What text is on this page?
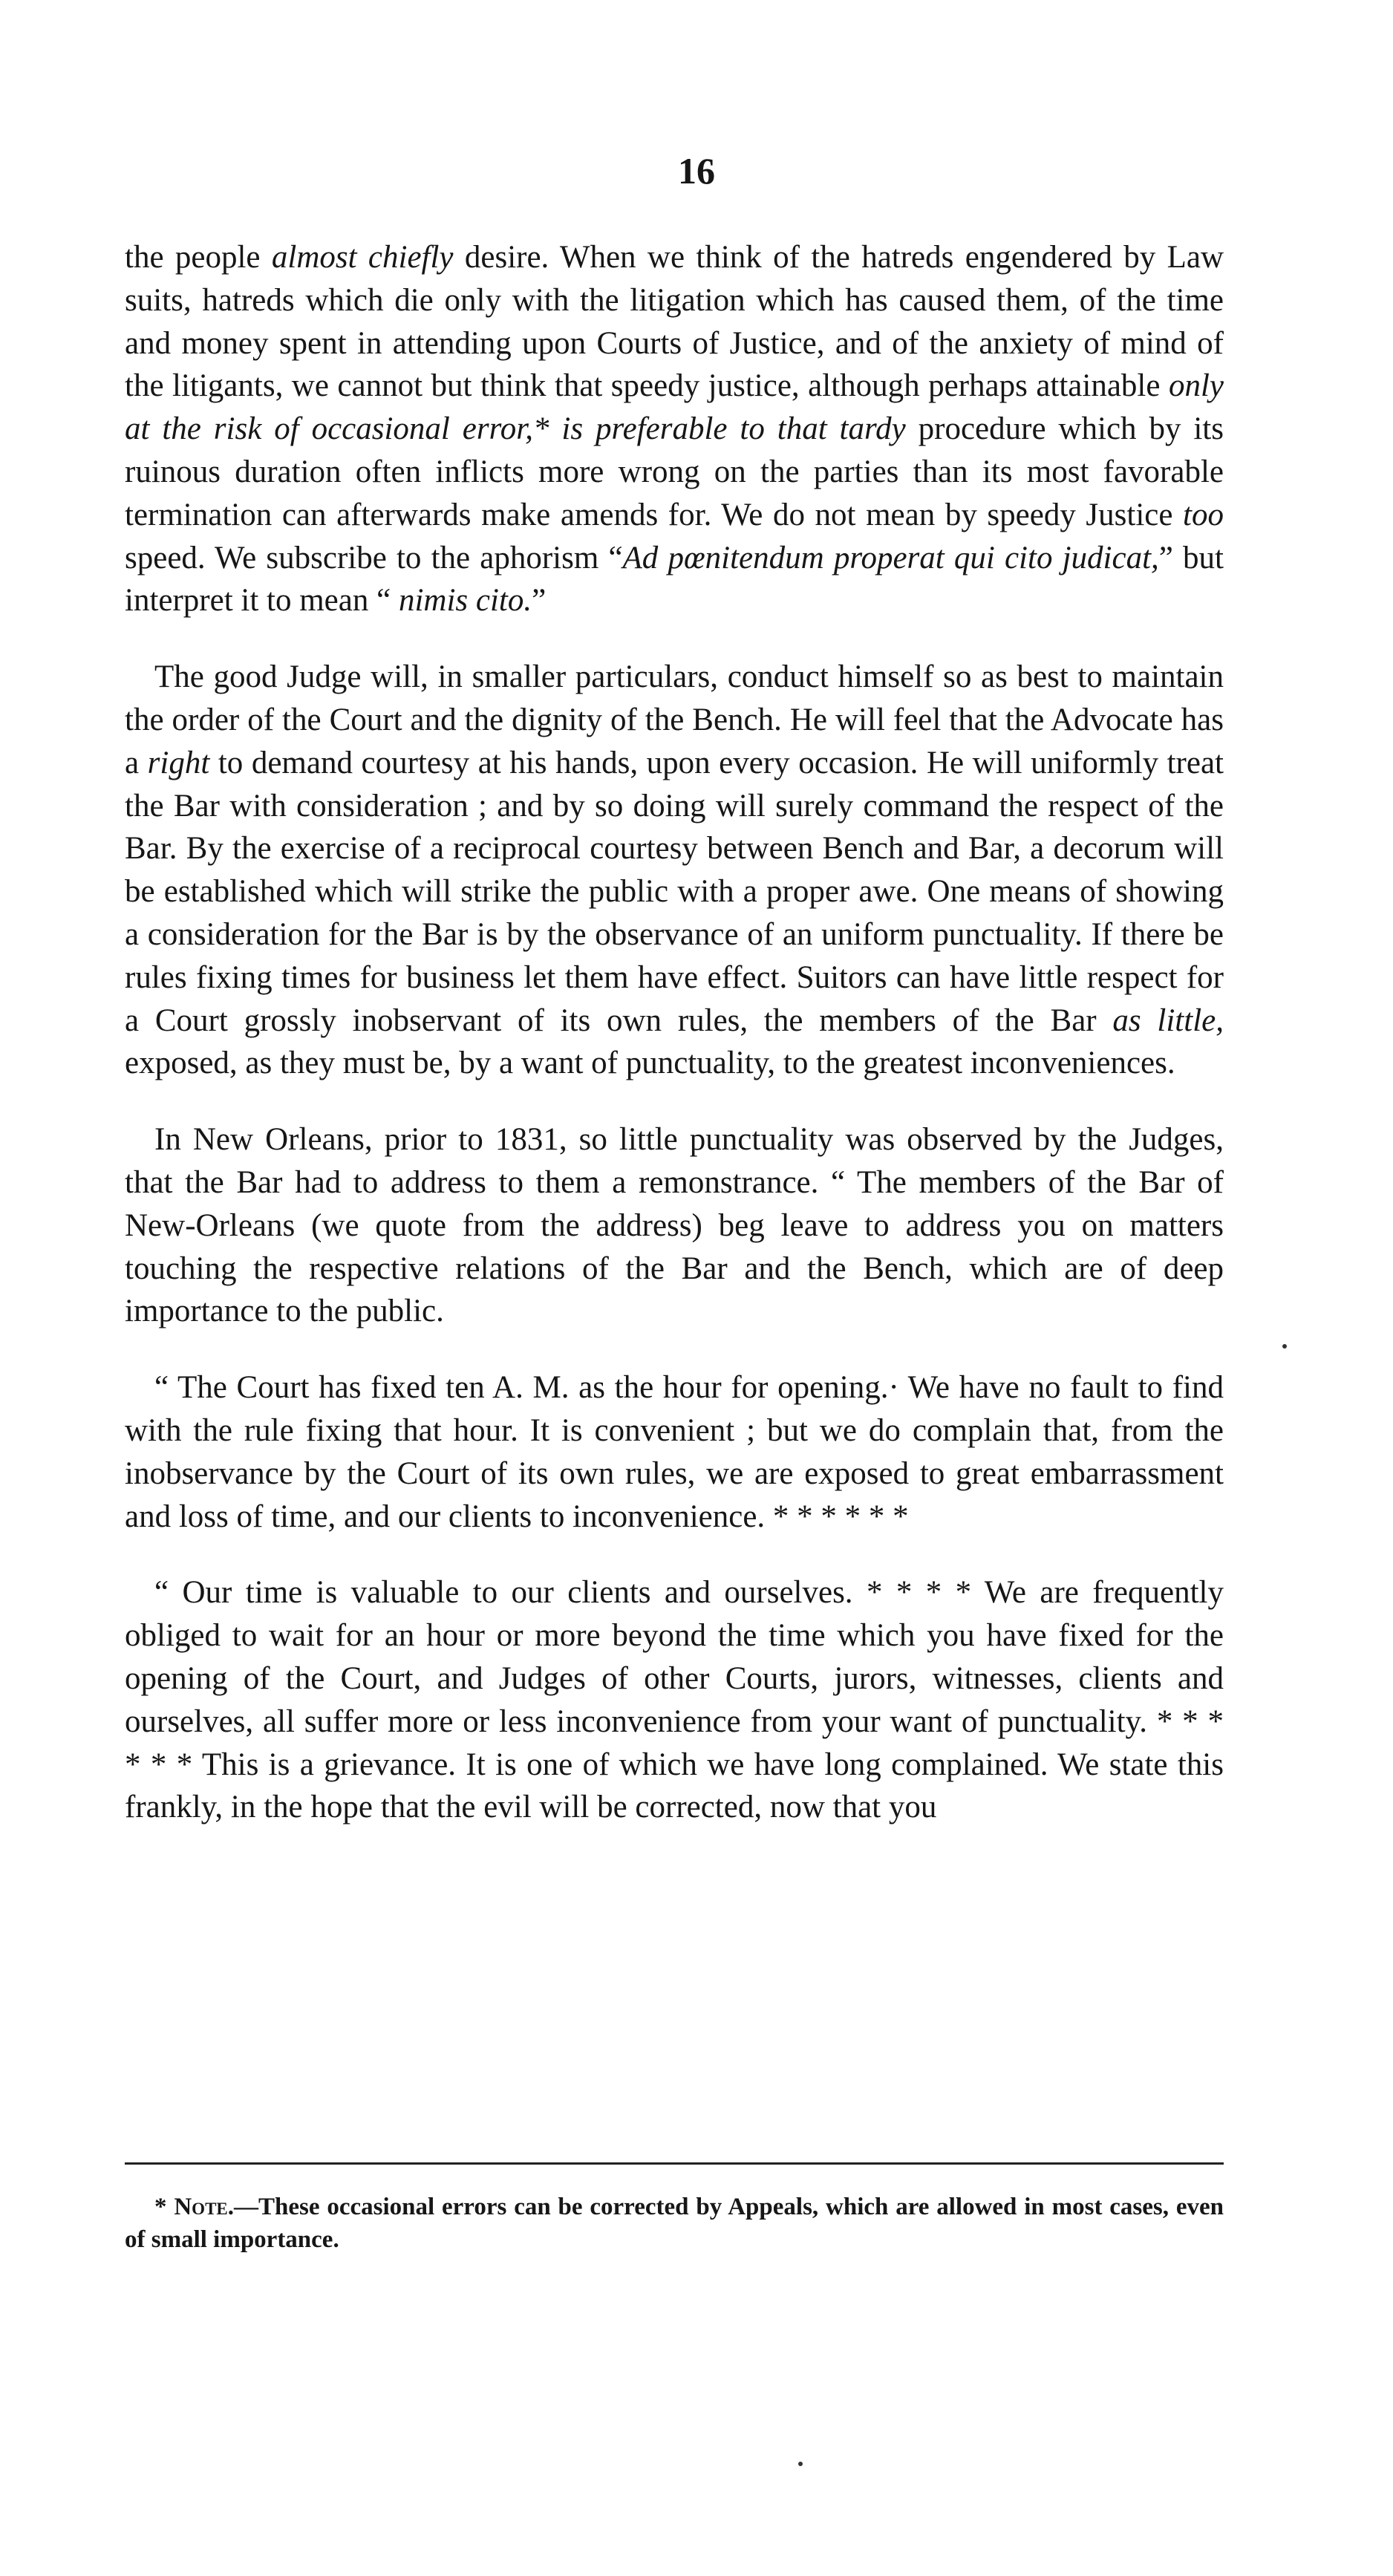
16

the people almost chiefly desire. When we think of the hatreds engendered by Law suits, hatreds which die only with the litigation which has caused them, of the time and money spent in attending upon Courts of Justice, and of the anxiety of mind of the litigants, we cannot but think that speedy justice, although perhaps attainable only at the risk of occasional error,* is preferable to that tardy procedure which by its ruinous duration often inflicts more wrong on the parties than its most favorable termination can afterwards make amends for. We do not mean by speedy Justice too speed. We subscribe to the aphorism “Ad pœnitendum properat qui cito judicat,” but interpret it to mean “ nimis cito.”

The good Judge will, in smaller particulars, conduct himself so as best to maintain the order of the Court and the dignity of the Bench. He will feel that the Advocate has a right to demand courtesy at his hands, upon every occasion. He will uniformly treat the Bar with consideration ; and by so doing will surely command the respect of the Bar. By the exercise of a reciprocal courtesy between Bench and Bar, a decorum will be established which will strike the public with a proper awe. One means of showing a consideration for the Bar is by the observance of an uniform punctuality. If there be rules fixing times for business let them have effect. Suitors can have little respect for a Court grossly inobservant of its own rules, the members of the Bar as little, exposed, as they must be, by a want of punctuality, to the greatest inconveniences.

In New Orleans, prior to 1831, so little punctuality was observed by the Judges, that the Bar had to address to them a remonstrance. “ The members of the Bar of New-Orleans (we quote from the address) beg leave to address you on matters touching the respective relations of the Bar and the Bench, which are of deep importance to the public.

“ The Court has fixed ten A. M. as the hour for opening.· We have no fault to find with the rule fixing that hour. It is convenient ; but we do complain that, from the inobservance by the Court of its own rules, we are exposed to great embarrassment and loss of time, and our clients to inconvenience. * * * * * *

“ Our time is valuable to our clients and ourselves. * * * * We are frequently obliged to wait for an hour or more beyond the time which you have fixed for the opening of the Court, and Judges of other Courts, jurors, witnesses, clients and ourselves, all suffer more or less inconvenience from your want of punctuality. * * * * * * This is a grievance. It is one of which we have long complained. We state this frankly, in the hope that the evil will be corrected, now that you

* Note.—These occasional errors can be corrected by Appeals, which are allowed in most cases, even of small importance.
